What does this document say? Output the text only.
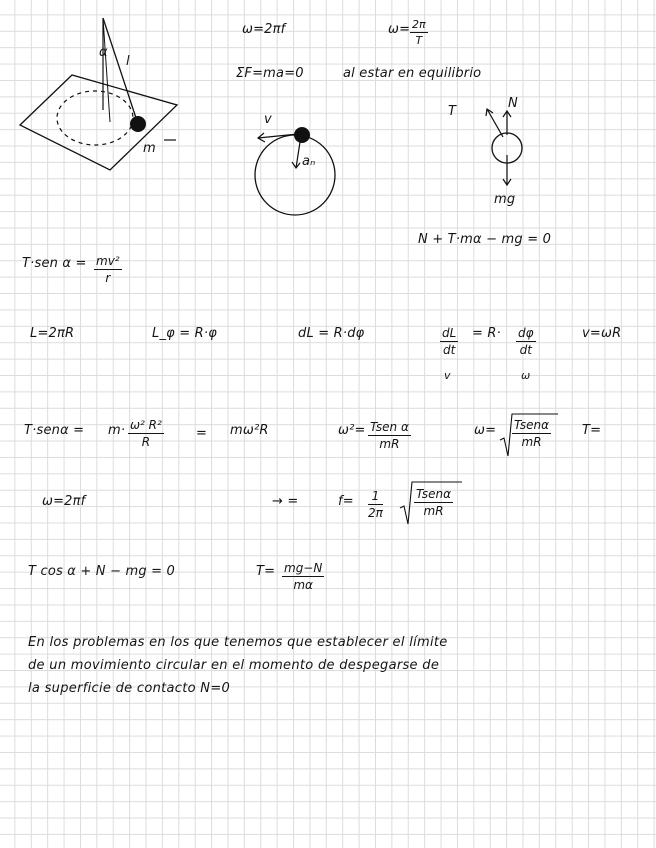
α
l
m
ω=2πf	$\omega= \frac{2\pi}{T}$
ΣF=ma=0	al estar en equilibrio
v
aₙ
T
N
mg
N + T·mα − mg = 0
T·sen $\alpha = \frac{\text{mv²}}{r}$
L=2πR	L_φ = R·φ	dL = R·dφ	$\frac{dL}{dt} = R\cdot \frac{d\varphi}{dt}$
v	ω
v=ωR
$T\cdot sen\alpha = m\cdot \frac{\text{ω² R²}}{R} = m\omega^2R$	ω²= Tsen α
mR
ω= Tsenα
mR
T=
ω=2πf	→ =	$f= \frac{1}{2\pi}$	Tsenα
mR
T cos α + N − mg = 0	$T= \frac{mg-N}{m\alpha}$
En los problemas en los que tenemos que establecer el límite
de un movimiento circular en el momento de despegarse de
la superficie de contacto N=0
